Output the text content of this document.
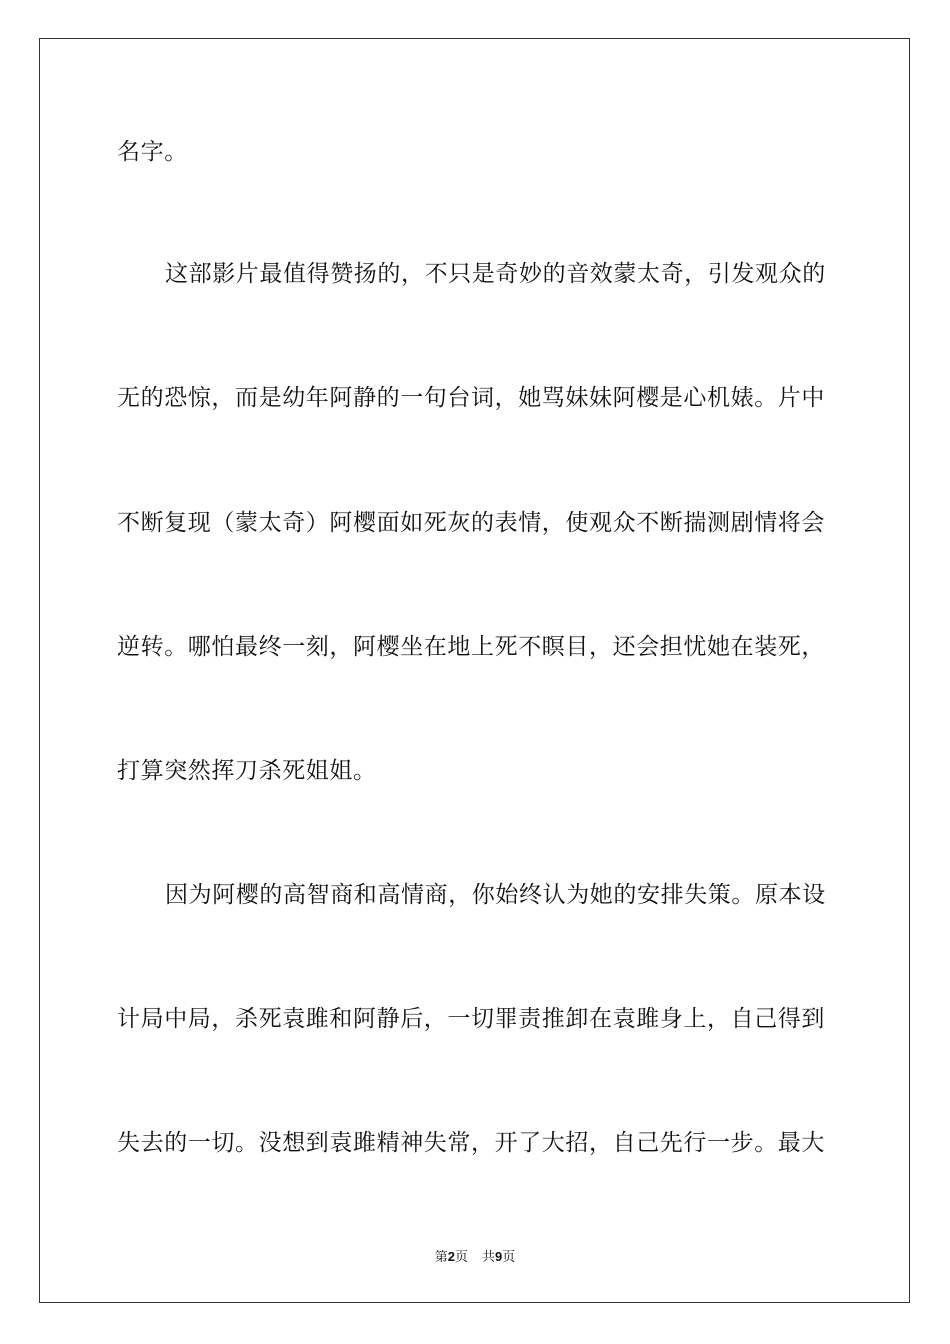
名字。
这部影片最值得赞扬的，不只是奇妙的音效蒙太奇，引发观众的
无的恐惊，而是幼年阿静的一句台词，她骂妹妹阿樱是心机婊。片中
不断复现（蒙太奇）阿樱面如死灰的表情，使观众不断揣测剧情将会
逆转。哪怕最终一刻，阿樱坐在地上死不瞑目，还会担忧她在装死，
打算突然挥刀杀死姐姐。
因为阿樱的高智商和高情商，你始终认为她的安排失策。原本设
计局中局，杀死袁雎和阿静后，一切罪责推卸在袁雎身上，自己得到
失去的一切。没想到袁雎精神失常，开了大招，自己先行一步。最大
第2页 共9页
